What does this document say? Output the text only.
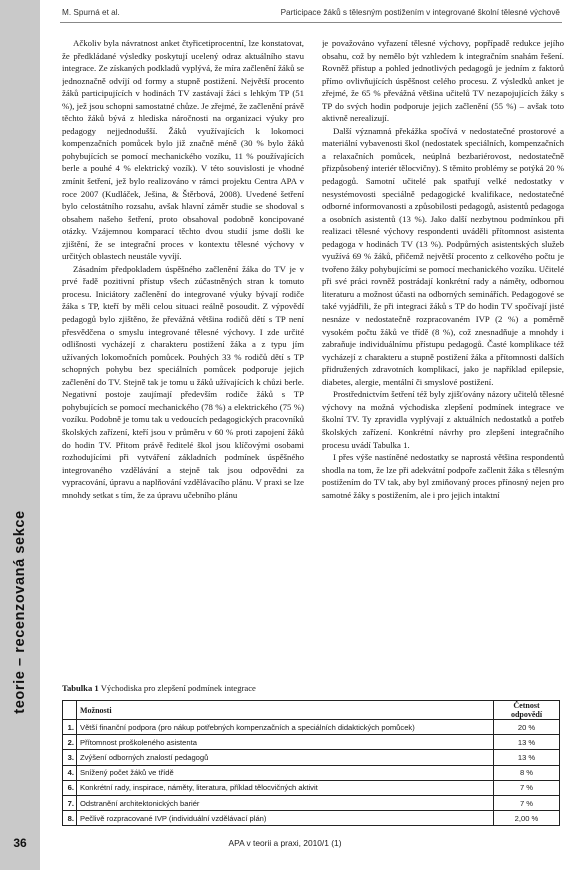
teorie – recenzovaná sekce
36
M. Spurná et al.	Participace žáků s tělesným postižením v integrované školní tělesné výchově

Ačkoliv byla návratnost anket čtyřicetiprocentní, lze konstatovat, že předkládané výsledky poskytují ucelený odraz aktuálního stavu integrace. Ze získaných podkladů vyplývá, že míra začlenění žáků se jednoznačně odvíjí od formy a stupně postižení. Největší procento žáků participujících v hodinách TV zastávají žáci s lehkým TP (51 %), jež jsou schopni samostatné chůze. Je zřejmé, že začlenění právě těchto žáků bývá z hlediska náročnosti na organizaci výuky pro pedagogy nejjednodušší. Žáků využívajících k lokomoci kompenzačních pomůcek bylo již značně méně (30 % bylo žáků pohybujících se pomocí mechanického vozíku, 11 % používajících berle a pouhé 4 % elektrický vozík). V této souvislosti je vhodné zmínit šetření, jež bylo realizováno v rámci projektu Centra APA v roce 2007 (Kudláček, Ješina, & Štěrbová, 2008). Uvedené šetření bylo celostátního rozsahu, avšak hlavní záměr studie se shodoval s obsahem našeho šetření, proto obsahoval podobně koncipované otázky. Vzájemnou komparací těchto dvou studií jsme došli ke zjištění, že se integrační proces v kontextu tělesné výchovy v určitých oblastech neustále vyvíjí.

Zásadním předpokladem úspěšného začlenění žáka do TV je v prvé řadě pozitivní přístup všech zúčastněných stran k tomuto procesu. Iniciátory začlenění do integrované výuky bývají rodiče žáka s TP, kteří by měli celou situaci reálně posoudit. Z výpovědí pedagogů bylo zjištěno, že převážná většina rodičů dětí s TP není přesvědčena o smyslu integrované tělesné výchovy. I zde určité odlišnosti vycházejí z charakteru postižení žáka a z typu jím užívaných lokomočních pomůcek. Pouhých 33 % rodičů dětí s TP schopných pohybu bez speciálních pomůcek podporuje jejich začlenění do TV. Stejně tak je tomu u žáků užívajících k chůzi berle. Negativní postoje zaujímají především rodiče žáků s TP pohybujících se pomocí mechanického (78 %) a elektrického (75 %) vozíku. Podobně je tomu tak u vedoucích pedagogických pracovníků školských zařízení, kteří jsou v průměru v 60 % proti zapojení žáků do hodin TV. Přitom právě ředitelé škol jsou klíčovými osobami rozhodujícími při vytváření základních podmínek úspěšného integrovaného vzdělávání a stejně tak jsou odpovědni za vypracování, úpravu a naplňování vzdělávacího plánu. V praxi se lze mnohdy setkat s tím, že za úpravu učebního plánu

je považováno vyřazení tělesné výchovy, popřípadě redukce jejího obsahu, což by nemělo být vzhledem k integračním snahám řešení. Rovněž přístup a pohled jednotlivých pedagogů je jedním z faktorů přímo ovlivňujících úspěšnost celého procesu. Z výsledků anket je zřejmé, že 65 % převážná většina učitelů TV nezapojujících žáky s TP do svých hodin podporuje jejich začlenění (55 %) – avšak toto aktivně nerealizují.

Další významná překážka spočívá v nedostatečné prostorové a materiální vybavenosti škol (nedostatek speciálních, kompenzačních a relaxačních pomůcek, neúplná bezbariérovost, nedostatečně přizpůsobený interiér tělocvičny). S těmito problémy se potýká 20 % pedagogů. Samotní učitelé pak spatřují velké nedostatky v nesystémovosti speciálně pedagogické kvalifikace, nedostatečné odborné informovanosti a způsobilosti pedagogů, asistentů pedagoga a osobních asistentů (13 %). Jako další nezbytnou podmínkou při realizaci tělesné výchovy respondenti uváděli přítomnost asistenta pedagoga v hodinách TV (13 %). Podpůrných asistentských služeb využívá 69 % žáků, přičemž největší procento z celkového počtu je tvořeno žáky pohybujícími se pomocí mechanického vozíku. Učitelé při své práci rovněž postrádají konkrétní rady a náměty, odbornou literaturu a možnost účasti na odborných seminářích. Pedagogové se také vyjádřili, že při integraci žáků s TP do hodin TV spočívají jisté nesnáze v nedostatečně rozpracovaném IVP (2 %) a poměrně vysokém počtu žáků ve třídě (8 %), což znesnadňuje a mnohdy i zabraňuje individuálnímu přístupu pedagogů. Časté komplikace též vycházejí z charakteru a stupně postižení žáka a přítomnosti dalších přidružených zdravotních komplikací, jako je například epilepsie, diabetes, alergie, mentální či smyslové postižení.

Prostřednictvím šetření též byly zjišťovány názory učitelů tělesné výchovy na možná východiska zlepšení podmínek integrace ve školní TV. Ty zpravidla vyplývají z aktuálních nedostatků a potřeb školských zařízení. Konkrétní návrhy pro zlepšení integračního procesu uvádí Tabulka 1.

I přes výše nastíněné nedostatky se naprostá většina respondentů shodla na tom, že lze při adekvátní podpoře začlenit žáka s tělesným postižením do TV tak, aby byl zmiňovaný proces přínosný nejen pro samotné žáky s postižením, ale i pro jejich intaktní

Tabulka 1 Východiska pro zlepšení podmínek integrace
	Možnosti	Četnost odpovědí
1.	Větší finanční podpora (pro nákup potřebných kompenzačních a speciálních didaktických pomůcek)	20 %
2.	Přítomnost proškoleného asistenta	13 %
3.	Zvýšení odborných znalostí pedagogů	13 %
4.	Snížený počet žáků ve třídě	8 %
6.	Konkrétní rady, inspirace, náměty, literatura, příklad tělocvičných aktivit	7 %
7.	Odstranění architektonických bariér	7 %
8.	Pečlivě rozpracované IVP (individuální vzdělávací plán)	2,00 %
APA v teorii a praxi, 2010/1 (1)
